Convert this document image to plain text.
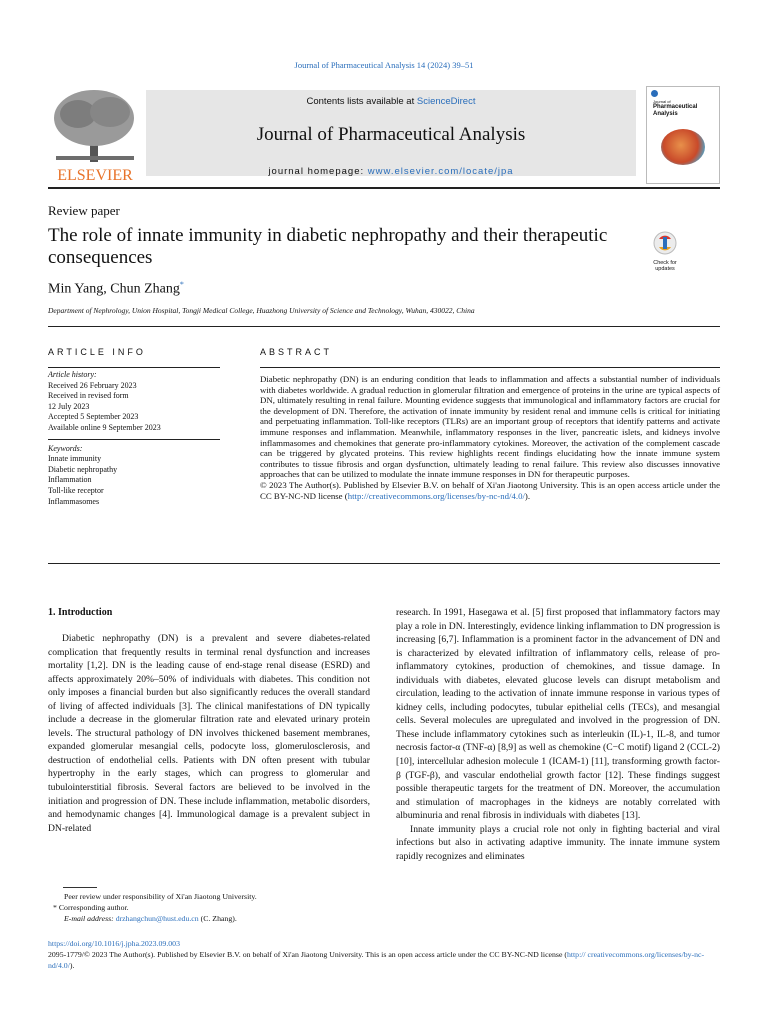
Journal of Pharmaceutical Analysis 14 (2024) 39–51
ELSEVIER
Contents lists available at ScienceDirect
Journal of Pharmaceutical Analysis
journal homepage: www.elsevier.com/locate/jpa
Journal of
Pharmaceutical Analysis
Review paper
The role of innate immunity in diabetic nephropathy and their therapeutic consequences
Min Yang, Chun Zhang*
Department of Nephrology, Union Hospital, Tongji Medical College, Huazhong University of Science and Technology, Wuhan, 430022, China
Check for updates
ARTICLE INFO	ABSTRACT
Article history:
Received 26 February 2023
Received in revised form
12 July 2023
Accepted 5 September 2023
Available online 9 September 2023
Keywords:
Innate immunity
Diabetic nephropathy
Inflammation
Toll-like receptor
Inflammasomes
Diabetic nephropathy (DN) is an enduring condition that leads to inflammation and affects a substantial number of individuals with diabetes worldwide. A gradual reduction in glomerular filtration and emergence of proteins in the urine are typical aspects of DN, ultimately resulting in renal failure. Mounting evidence suggests that immunological and inflammatory factors are crucial for the development of DN. Therefore, the activation of innate immunity by resident renal and immune cells is critical for initiating and perpetuating inflammation. Toll-like receptors (TLRs) are an important group of receptors that identify patterns and activate immune responses and inflammation. Meanwhile, inflammatory responses in the liver, pancreatic islets, and kidneys involve inflammasomes and chemokines that generate pro-inflammatory cytokines. Moreover, the activation of the complement cascade can be triggered by glycated proteins. This review highlights recent findings elucidating how the innate immune system contributes to tissue fibrosis and organ dysfunction, ultimately leading to renal failure. This review also discusses innovative approaches that can be utilized to modulate the innate immune responses in DN for therapeutic purposes.
© 2023 The Author(s). Published by Elsevier B.V. on behalf of Xi'an Jiaotong University. This is an open access article under the CC BY-NC-ND license (http://creativecommons.org/licenses/by-nc-nd/4.0/).
1. Introduction

Diabetic nephropathy (DN) is a prevalent and severe diabetes-related complication that frequently results in terminal renal dysfunction and increases mortality [1,2]. DN is the leading cause of end-stage renal disease (ESRD) and affects approximately 20%–50% of individuals with diabetes. This condition not only imposes a financial burden but also significantly reduces the overall standard of living of affected individuals [3]. The clinical manifestations of DN typically include a decrease in the glomerular filtration rate and elevated urinary protein levels. The structural pathology of DN involves thickened basement membranes, expanded glomerular mesangial cells, podocyte loss, glomerulosclerosis, and destruction of endothelial cells. Patients with DN often present with tubular hypertrophy in the early stages, which can progress to glomerular and tubulointerstitial fibrosis. Several factors are believed to be involved in the initiation and progression of DN. These include inflammation, metabolic disorders, and hemodynamic changes [4]. Immunological damage is a prevalent subject in DN-related

research. In 1991, Hasegawa et al. [5] first proposed that inflammatory factors may play a role in DN. Interestingly, evidence linking inflammation to DN progression is increasing [6,7]. Inflammation is a prominent factor in the advancement of DN and is characterized by elevated infiltration of inflammatory cells, release of pro-inflammatory cytokines, production of chemokines, and tissue damage. In individuals with diabetes, elevated glucose levels can disrupt metabolism and circulation, leading to the activation of innate immune response in various types of kidney cells, including podocytes, tubular epithelial cells (TECs), and mesangial cells. Several molecules are upregulated and involved in the progression of DN. These include inflammatory cytokines such as interleukin (IL)-1, IL-8, and tumor necrosis factor-α (TNF-α) [8,9] as well as chemokine (C−C motif) ligand 2 (CCL-2) [10], intercellular adhesion molecule 1 (ICAM-1) [11], transforming growth factor-β (TGF-β), and vascular endothelial growth factor [12]. These findings suggest possible therapeutic targets for the treatment of DN. Moreover, the accumulation and stimulation of macrophages in the kidneys are notably correlated with albuminuria and renal fibrosis in individuals with diabetes [13].

Innate immunity plays a crucial role not only in fighting bacterial and viral infections but also in activating adaptive immunity. The innate immune system rapidly recognizes and eliminates

Peer review under responsibility of Xi'an Jiaotong University.
* Corresponding author.
E-mail address: drzhangchun@hust.edu.cn (C. Zhang).
https://doi.org/10.1016/j.jpha.2023.09.003
2095-1779/© 2023 The Author(s). Published by Elsevier B.V. on behalf of Xi'an Jiaotong University. This is an open access article under the CC BY-NC-ND license (http:// creativecommons.org/licenses/by-nc-nd/4.0/).
